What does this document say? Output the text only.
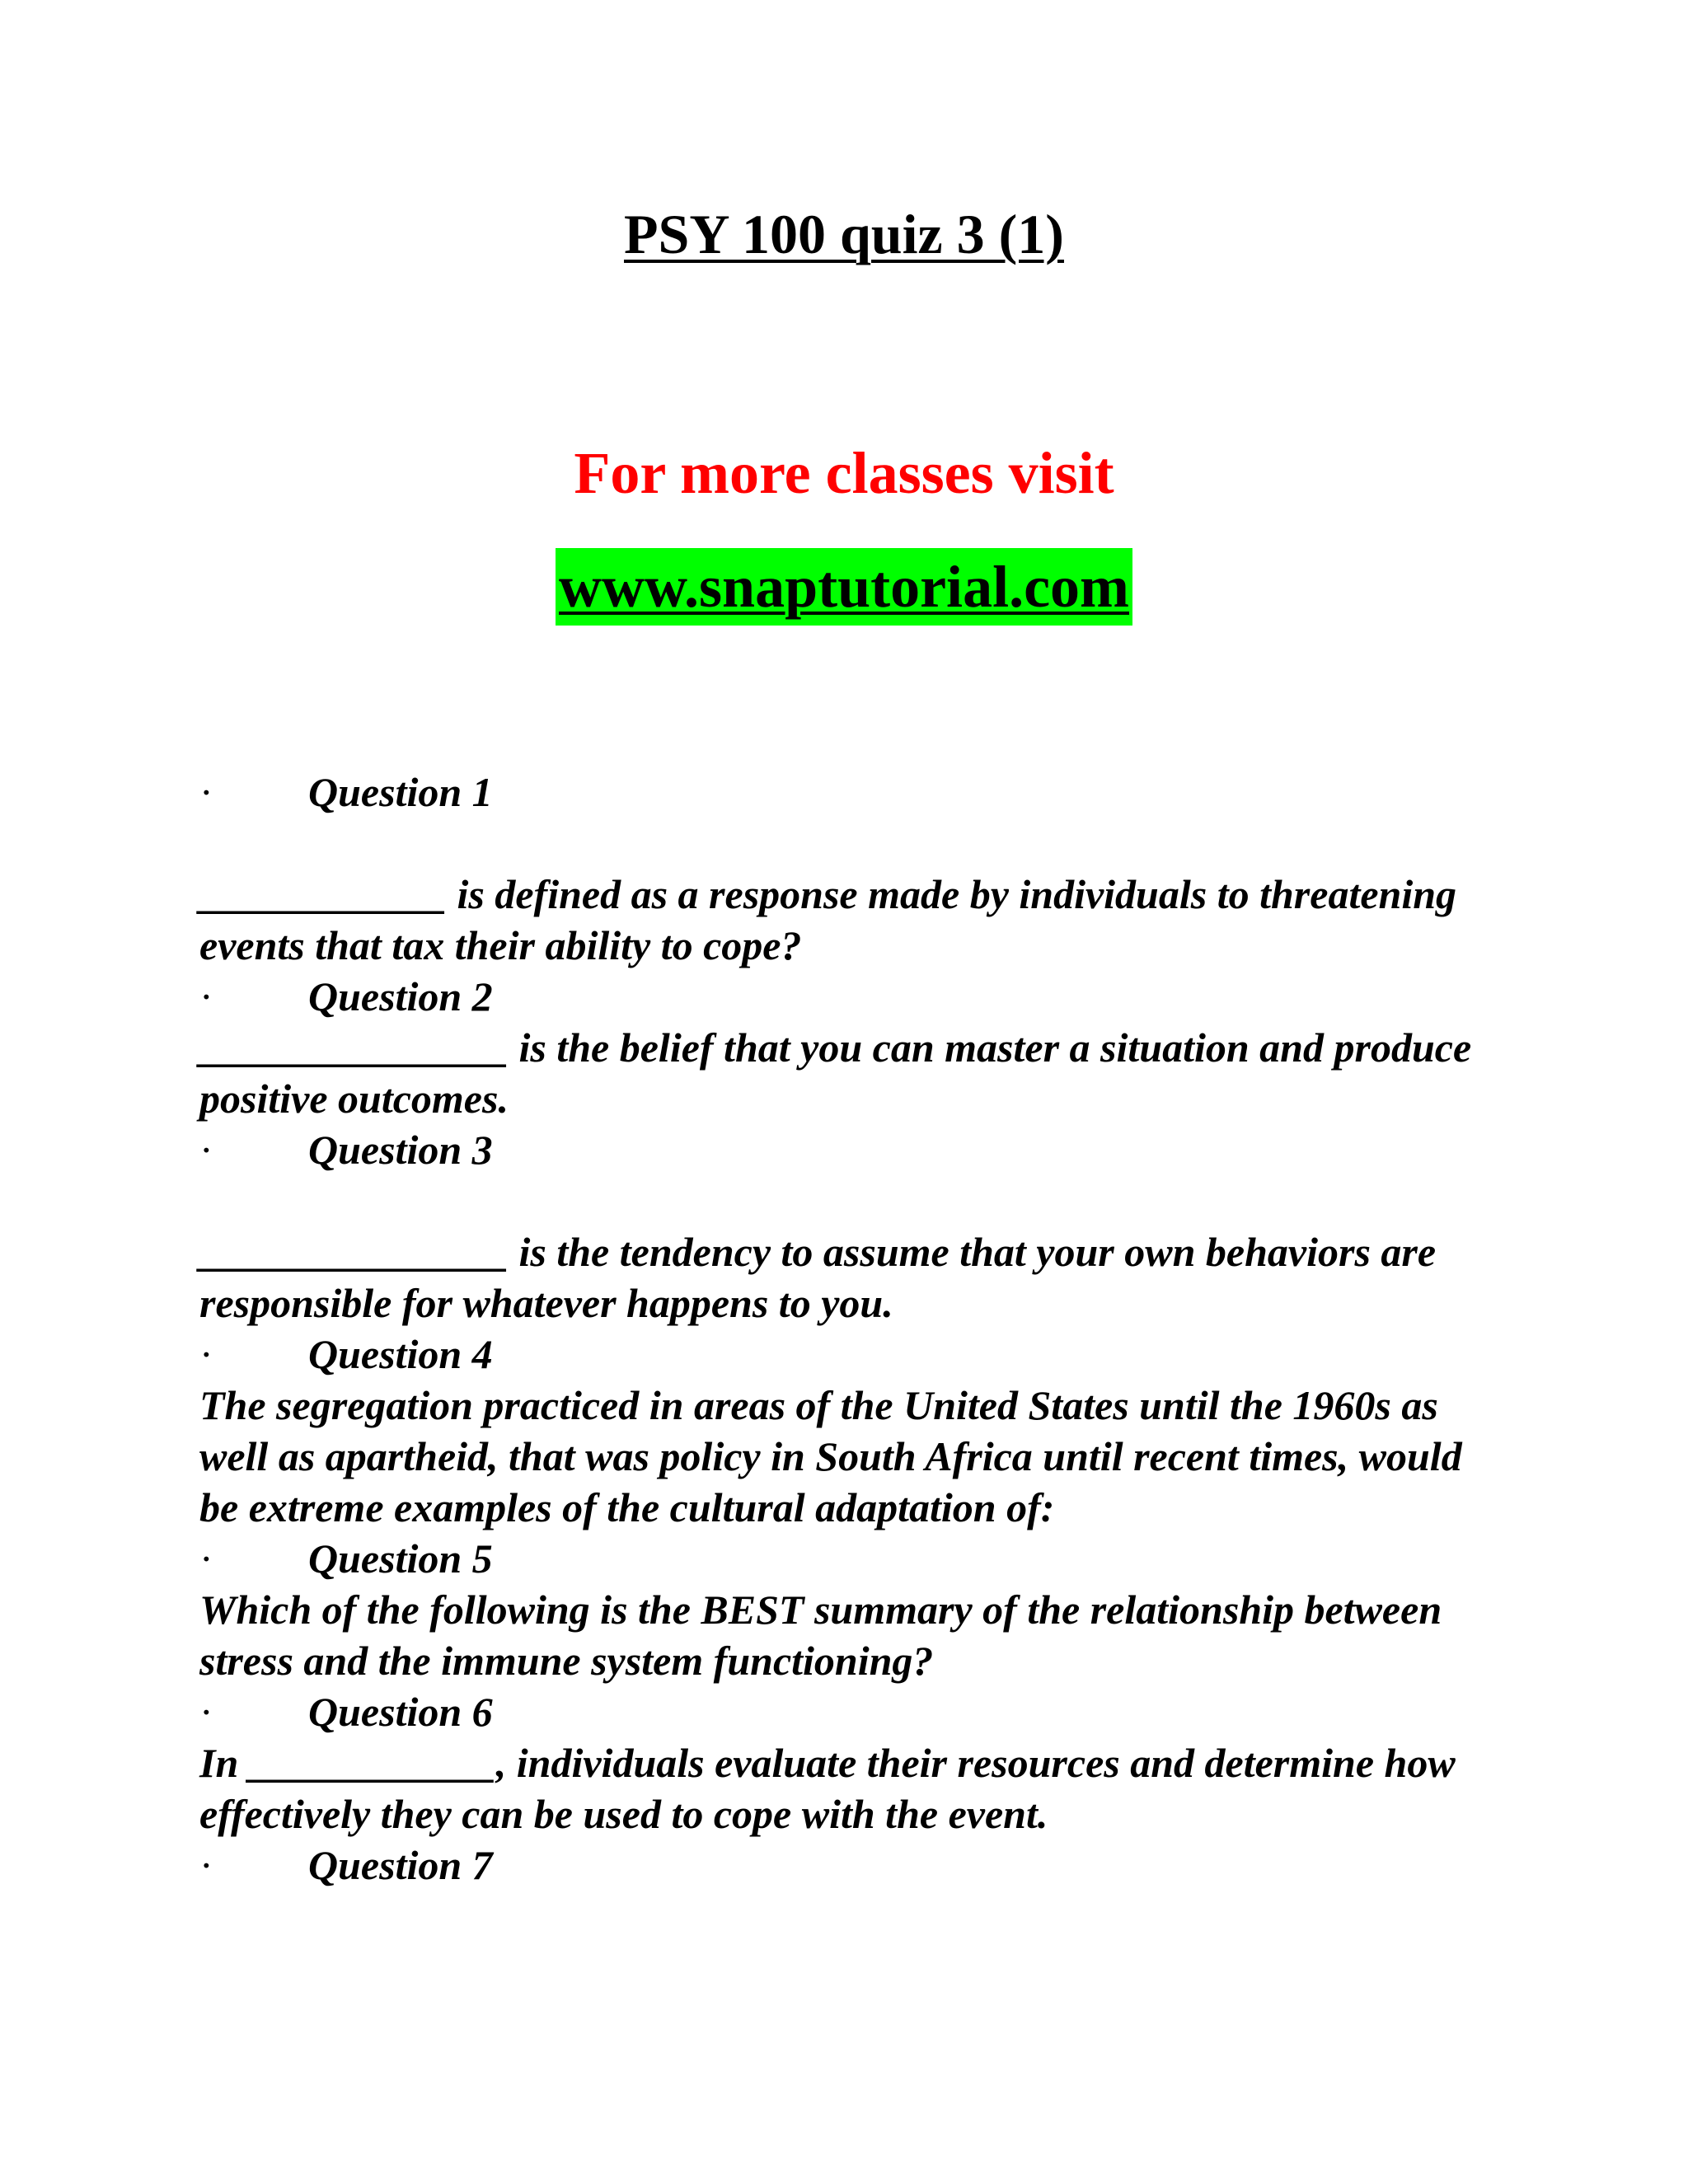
PSY 100 quiz 3 (1)
For more classes visit
www.snaptutorial.com
· Question 1

____________ is defined as a response made by individuals to threatening events that tax their ability to cope?

· Question 2

_______________ is the belief that you can master a situation and produce positive outcomes.

· Question 3

_______________ is the tendency to assume that your own behaviors are responsible for whatever happens to you.

· Question 4

The segregation practiced in areas of the United States until the 1960s as well as apartheid, that was policy in South Africa until recent times, would be extreme examples of the cultural adaptation of:

· Question 5

Which of the following is the BEST summary of the relationship between stress and the immune system functioning?

· Question 6

In ____________, individuals evaluate their resources and determine how effectively they can be used to cope with the event.

· Question 7
